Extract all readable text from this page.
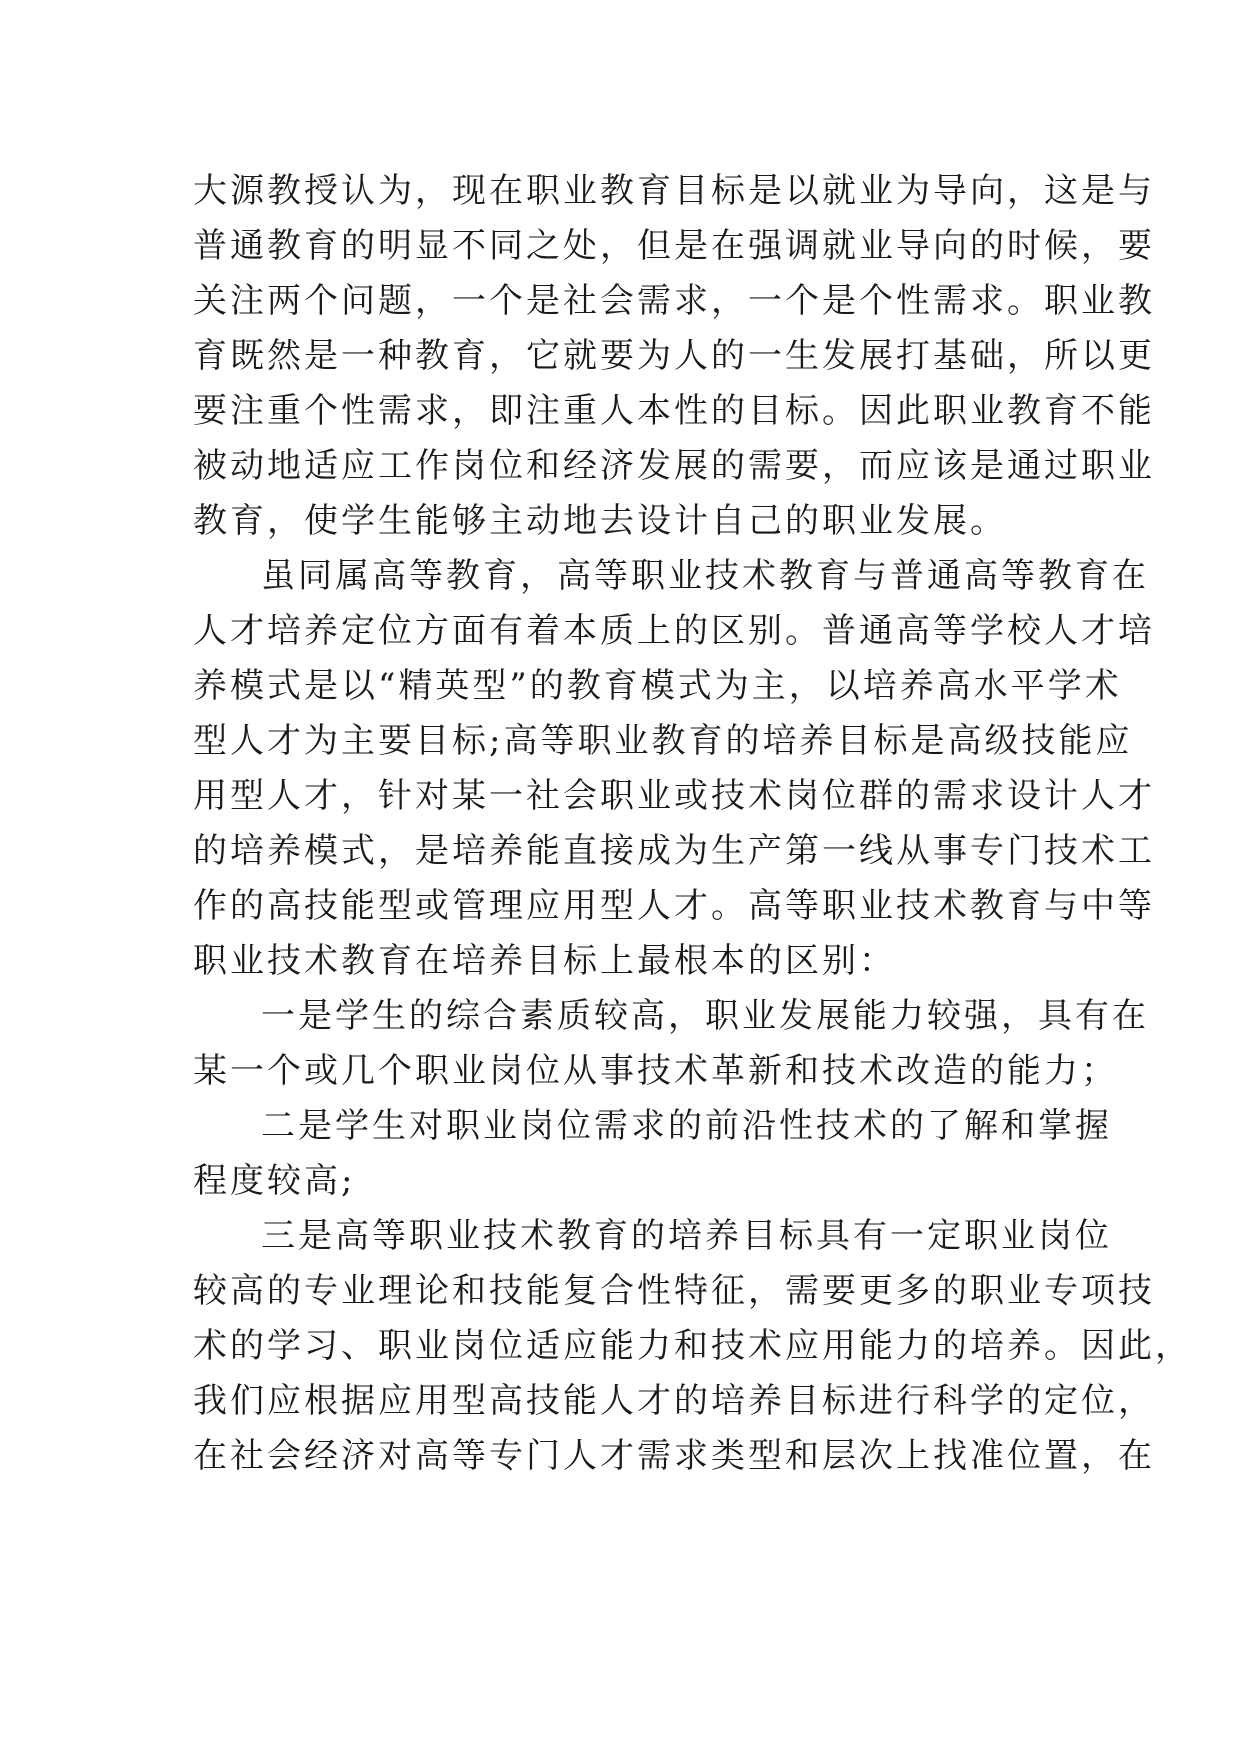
大源教授认为，现在职业教育目标是以就业为导向，这是与
普通教育的明显不同之处，但是在强调就业导向的时候，要
关注两个问题，一个是社会需求，一个是个性需求。职业教
育既然是一种教育，它就要为人的一生发展打基础，所以更
要注重个性需求，即注重人本性的目标。因此职业教育不能
被动地适应工作岗位和经济发展的需要，而应该是通过职业
教育，使学生能够主动地去设计自己的职业发展。

虽同属高等教育，高等职业技术教育与普通高等教育在
人才培养定位方面有着本质上的区别。普通高等学校人才培
养模式是以“精英型”的教育模式为主，以培养高水平学术
型人才为主要目标;高等职业教育的培养目标是高级技能应
用型人才，针对某一社会职业或技术岗位群的需求设计人才
的培养模式，是培养能直接成为生产第一线从事专门技术工
作的高技能型或管理应用型人才。高等职业技术教育与中等
职业技术教育在培养目标上最根本的区别：

一是学生的综合素质较高，职业发展能力较强，具有在
某一个或几个职业岗位从事技术革新和技术改造的能力；

二是学生对职业岗位需求的前沿性技术的了解和掌握
程度较高;

三是高等职业技术教育的培养目标具有一定职业岗位
较高的专业理论和技能复合性特征，需要更多的职业专项技
术的学习、职业岗位适应能力和技术应用能力的培养。因此，
我们应根据应用型高技能人才的培养目标进行科学的定位，
在社会经济对高等专门人才需求类型和层次上找准位置，在
